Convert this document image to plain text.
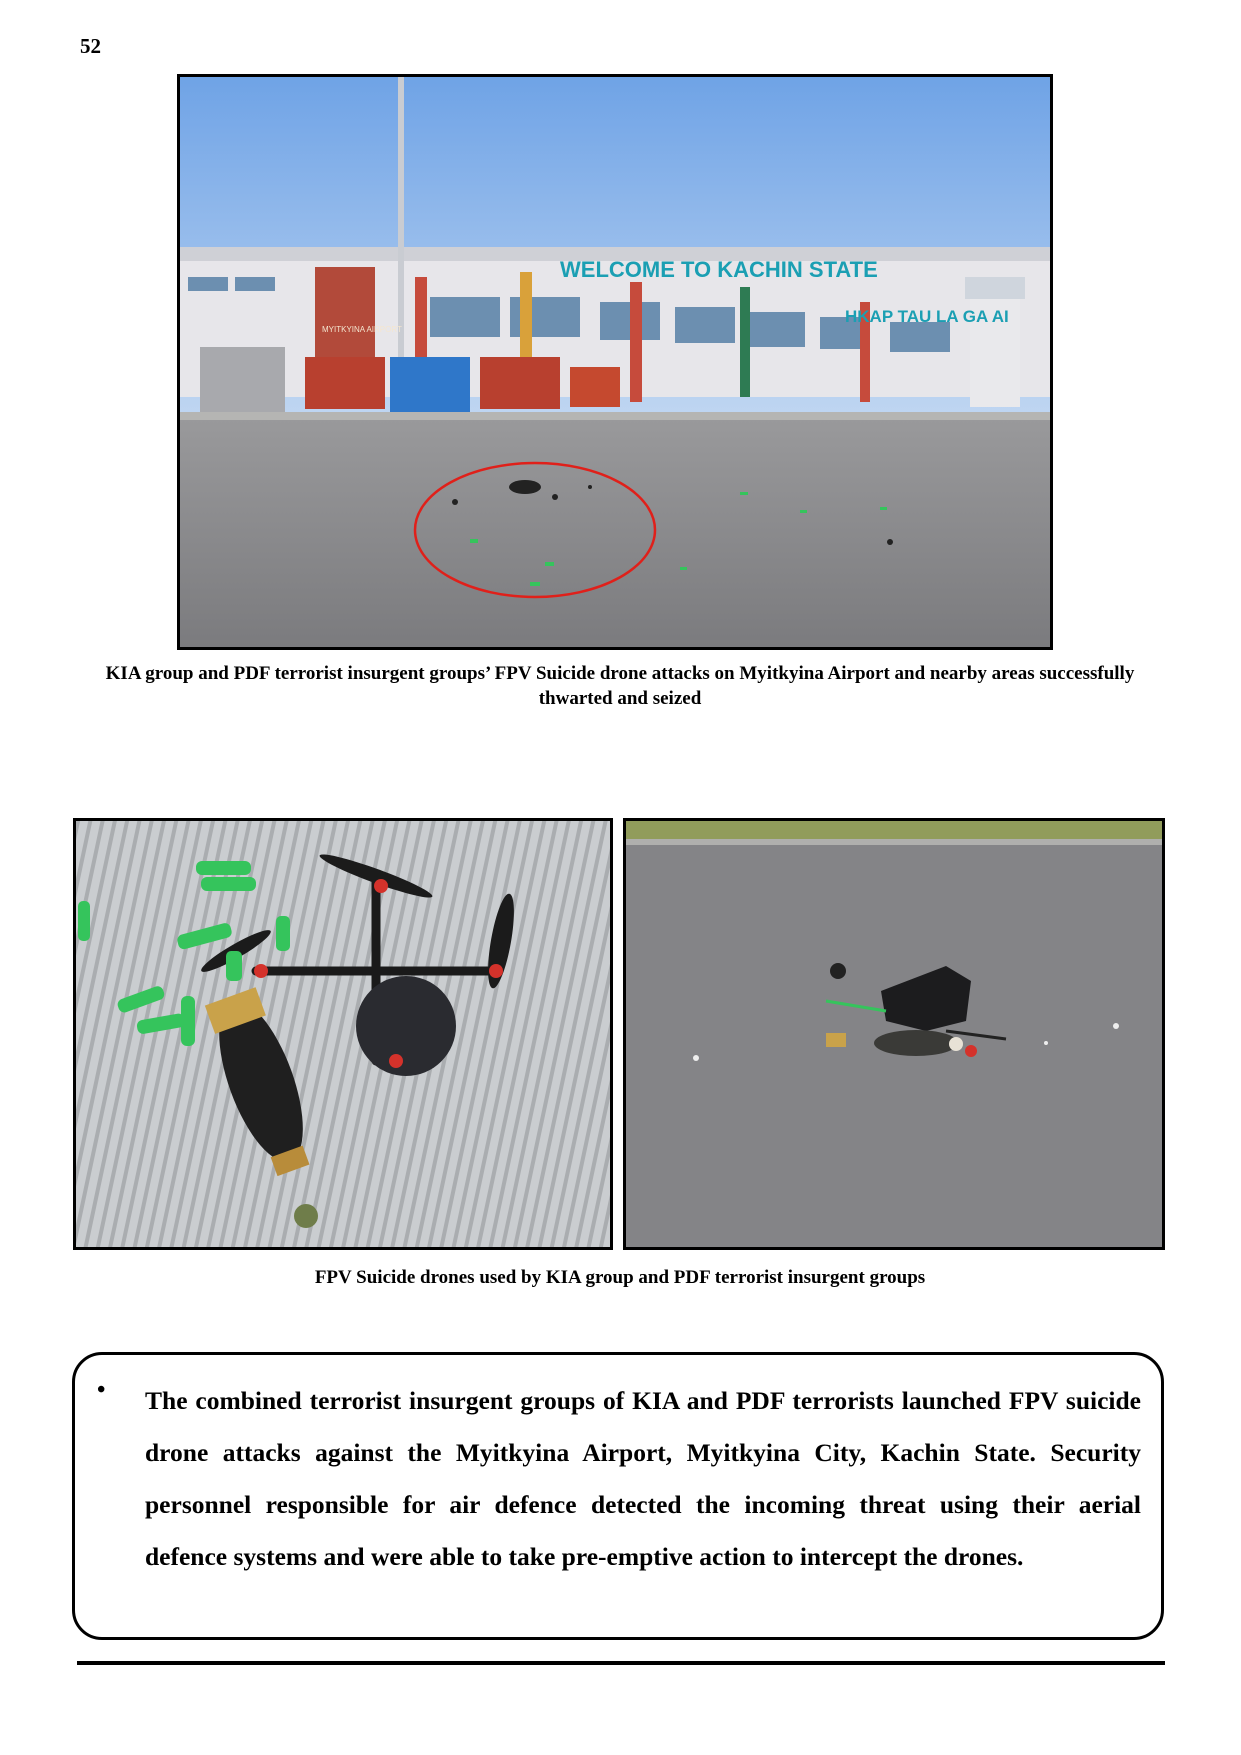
52
WELCOME TO KACHIN STATE
HKAP TAU LA GA AI
MYITKYINA AIRPORT
KIA group and PDF terrorist insurgent groups’ FPV Suicide drone attacks on Myitkyina Airport and nearby areas successfully thwarted and seized
FPV Suicide drones used by KIA group and PDF terrorist insurgent groups
• The combined terrorist insurgent groups of KIA and PDF terrorists launched FPV suicide drone attacks against the Myitkyina Airport, Myitkyina City, Kachin State. Security personnel responsible for air defence detected the incoming threat using their aerial defence systems and were able to take pre-emptive action to intercept the drones.
